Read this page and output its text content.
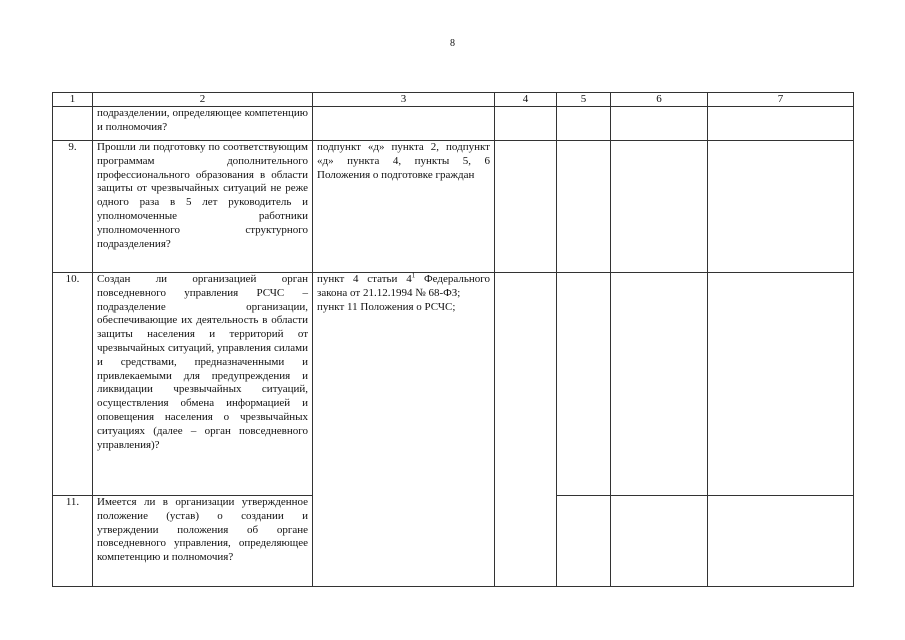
8
1	2	3	4	5	6	7
	подразделении, определяющее компетенцию и полномочия?					
9.	Прошли ли подготовку по соответствующим программам дополнительного профессионального образования в области защиты от чрезвычайных ситуаций не реже одного раза в 5 лет руководитель и уполномоченные работники уполномоченного структурного подразделения?	подпункт «д» пункта 2, подпункт «д» пункта 4, пункты 5, 6 Положения о подготовке граждан				
10.	Создан ли организацией орган повседневного управления РСЧС – подразделение организации, обеспечивающие их деятельность в области защиты населения и территорий от чрезвычайных ситуаций, управления силами и средствами, предназначенными и привлекаемыми для предупреждения и ликвидации чрезвычайных ситуаций, осуществления обмена информацией и оповещения населения о чрезвычайных ситуациях (далее – орган повседневного управления)?	пункт 4 статьи $4^1$ Федерального закона от 21.12.1994 № 68-ФЗ;
пункт 11 Положения о РСЧС;				

11.	Имеется ли в организации утвержденное положение (устав) о создании и утверждении положения об органе повседневного управления, определяющее компетенцию и полномочия?					
